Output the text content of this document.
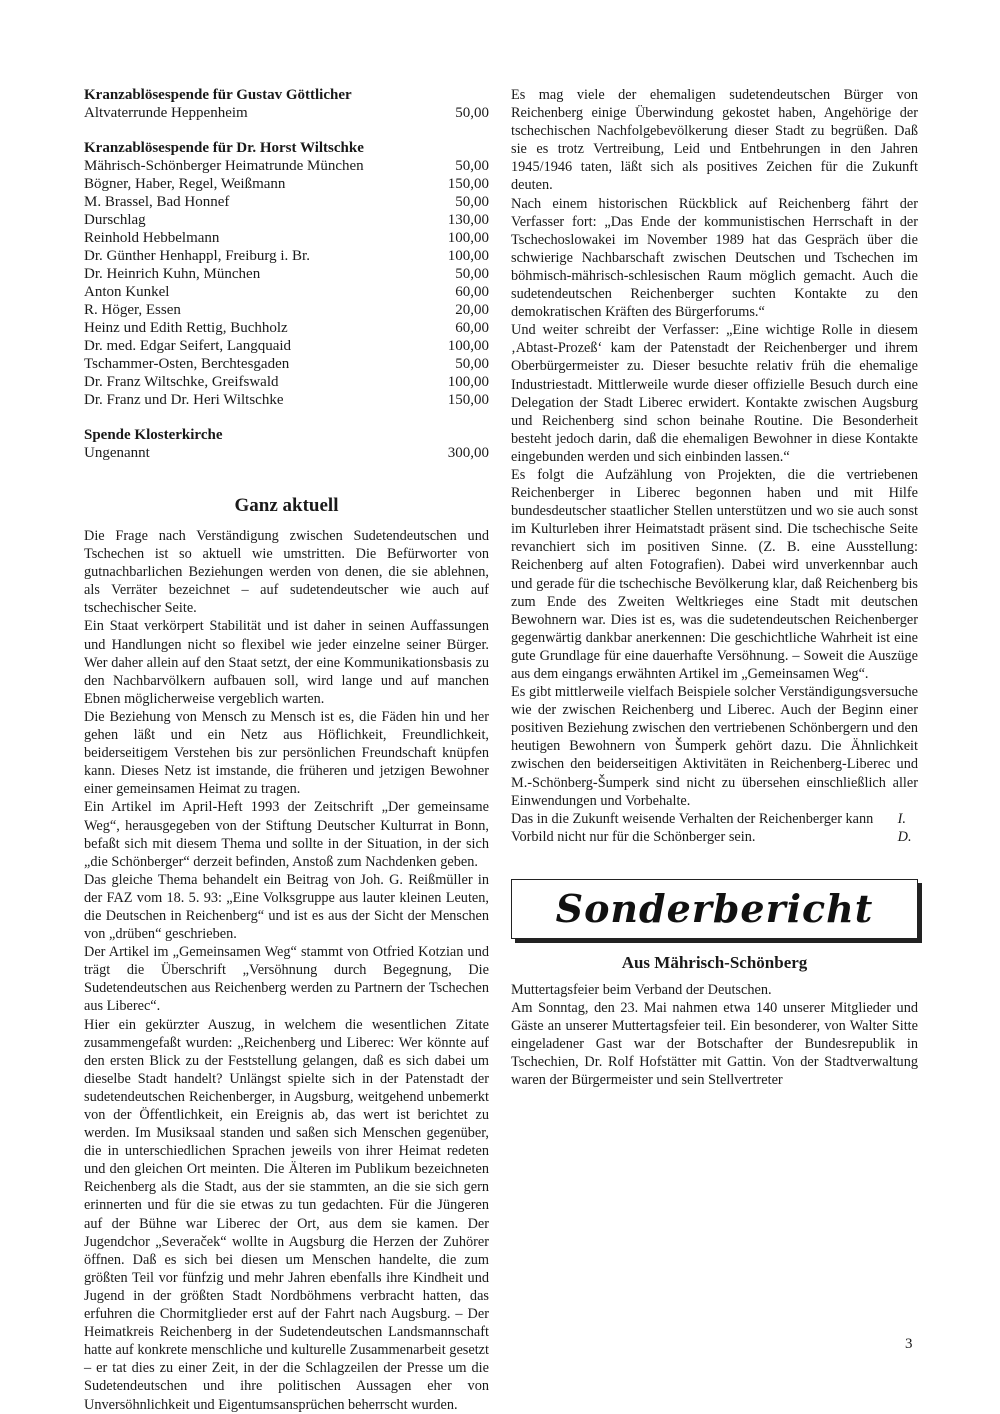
Kranzablösespende für Gustav Göttlicher
Altvaterrunde Heppenheim	50,00
Kranzablösespende für Dr. Horst Wiltschke
Mährisch-Schönberger Heimatrunde München	50,00
Bögner, Haber, Regel, Weißmann	150,00
M. Brassel, Bad Honnef	50,00
Durschlag	130,00
Reinhold Hebbelmann	100,00
Dr. Günther Henhappl, Freiburg i. Br.	100,00
Dr. Heinrich Kuhn, München	50,00
Anton Kunkel	60,00
R. Höger, Essen	20,00
Heinz und Edith Rettig, Buchholz	60,00
Dr. med. Edgar Seifert, Langquaid	100,00
Tschammer-Osten, Berchtesgaden	50,00
Dr. Franz Wiltschke, Greifswald	100,00
Dr. Franz und Dr. Heri Wiltschke	150,00
Spende Klosterkirche
Ungenannt	300,00
Ganz aktuell

Die Frage nach Verständigung zwischen Sudetendeutschen und Tschechen ist so aktuell wie umstritten. Die Befürworter von gutnachbarlichen Beziehungen werden von denen, die sie ablehnen, als Verräter bezeichnet – auf sudetendeutscher wie auch auf tschechischer Seite.

Ein Staat verkörpert Stabilität und ist daher in seinen Auffassungen und Handlungen nicht so flexibel wie jeder einzelne seiner Bürger. Wer daher allein auf den Staat setzt, der eine Kommunikationsbasis zu den Nachbarvölkern aufbauen soll, wird lange und auf manchen Ebnen möglicherweise vergeblich warten.

Die Beziehung von Mensch zu Mensch ist es, die Fäden hin und her gehen läßt und ein Netz aus Höflichkeit, Freundlichkeit, beiderseitigem Verstehen bis zur persönlichen Freundschaft knüpfen kann. Dieses Netz ist imstande, die früheren und jetzigen Bewohner einer gemeinsamen Heimat zu tragen.

Ein Artikel im April-Heft 1993 der Zeitschrift „Der gemeinsame Weg“, herausgegeben von der Stiftung Deutscher Kulturrat in Bonn, befaßt sich mit diesem Thema und sollte in der Situation, in der sich „die Schönberger“ derzeit befinden, Anstoß zum Nachdenken geben.

Das gleiche Thema behandelt ein Beitrag von Joh. G. Reißmüller in der FAZ vom 18. 5. 93: „Eine Volksgruppe aus lauter kleinen Leuten, die Deutschen in Reichenberg“ und ist es aus der Sicht der Menschen von „drüben“ geschrieben.

Der Artikel im „Gemeinsamen Weg“ stammt von Otfried Kotzian und trägt die Überschrift „Versöhnung durch Begegnung, Die Sudetendeutschen aus Reichenberg werden zu Partnern der Tschechen aus Liberec“.

Hier ein gekürzter Auszug, in welchem die wesentlichen Zitate zusammengefaßt wurden: „Reichenberg und Liberec: Wer könnte auf den ersten Blick zu der Feststellung gelangen, daß es sich dabei um dieselbe Stadt handelt? Unlängst spielte sich in der Patenstadt der sudetendeutschen Reichenberger, in Augsburg, weitgehend unbemerkt von der Öffentlichkeit, ein Ereignis ab, das wert ist berichtet zu werden. Im Musiksaal standen und saßen sich Menschen gegenüber, die in unterschiedlichen Sprachen jeweils von ihrer Heimat redeten und den gleichen Ort meinten. Die Älteren im Publikum bezeichneten Reichenberg als die Stadt, aus der sie stammten, an die sie sich gern erinnerten und für die sie etwas zu tun gedachten. Für die Jüngeren auf der Bühne war Liberec der Ort, aus dem sie kamen. Der Jugendchor „Severaček“ wollte in Augsburg die Herzen der Zuhörer öffnen. Daß es sich bei diesen um Menschen handelte, die zum größten Teil vor fünfzig und mehr Jahren ebenfalls ihre Kindheit und Jugend in der größten Stadt Nordböhmens verbracht hatten, das erfuhren die Chormitglieder erst auf der Fahrt nach Augsburg. – Der Heimatkreis Reichenberg in der Sudetendeutschen Landsmannschaft hatte auf konkrete menschliche und kulturelle Zusammenarbeit gesetzt – er tat dies zu einer Zeit, in der die Schlagzeilen der Presse um die Sudetendeutschen und ihre politischen Aussagen eher von Unversöhnlichkeit und Eigentumsansprüchen beherrscht wurden.

Es mag viele der ehemaligen sudetendeutschen Bürger von Reichenberg einige Überwindung gekostet haben, Angehörige der tschechischen Nachfolgebevölkerung dieser Stadt zu begrüßen. Daß sie es trotz Vertreibung, Leid und Entbehrungen in den Jahren 1945/1946 taten, läßt sich als positives Zeichen für die Zukunft deuten.

Nach einem historischen Rückblick auf Reichenberg fährt der Verfasser fort: „Das Ende der kommunistischen Herrschaft in der Tschechoslowakei im November 1989 hat das Gespräch über die schwierige Nachbarschaft zwischen Deutschen und Tschechen im böhmisch-mährisch-schlesischen Raum möglich gemacht. Auch die sudetendeutschen Reichenberger suchten Kontakte zu den demokratischen Kräften des Bürgerforums.“

Und weiter schreibt der Verfasser: „Eine wichtige Rolle in diesem ‚Abtast-Prozeß‘ kam der Patenstadt der Reichenberger und ihrem Oberbürgermeister zu. Dieser besuchte relativ früh die ehemalige Industriestadt. Mittlerweile wurde dieser offizielle Besuch durch eine Delegation der Stadt Liberec erwidert. Kontakte zwischen Augsburg und Reichenberg sind schon beinahe Routine. Die Besonderheit besteht jedoch darin, daß die ehemaligen Bewohner in diese Kontakte eingebunden werden und sich einbinden lassen.“

Es folgt die Aufzählung von Projekten, die die vertriebenen Reichenberger in Liberec begonnen haben und mit Hilfe bundesdeutscher staatlicher Stellen unterstützen und wo sie auch sonst im Kulturleben ihrer Heimatstadt präsent sind. Die tschechische Seite revanchiert sich im positiven Sinne. (Z. B. eine Ausstellung: Reichenberg auf alten Fotografien). Dabei wird unverkennbar auch und gerade für die tschechische Bevölkerung klar, daß Reichenberg bis zum Ende des Zweiten Weltkrieges eine Stadt mit deutschen Bewohnern war. Dies ist es, was die sudetendeutschen Reichenberger gegenwärtig dankbar anerkennen: Die geschichtliche Wahrheit ist eine gute Grundlage für eine dauerhafte Versöhnung. – Soweit die Auszüge aus dem eingangs erwähnten Artikel im „Gemeinsamen Weg“.

Es gibt mittlerweile vielfach Beispiele solcher Verständigungsversuche wie der zwischen Reichenberg und Liberec. Auch der Beginn einer positiven Beziehung zwischen den vertriebenen Schönbergern und den heutigen Bewohnern von Šumperk gehört dazu. Die Ähnlichkeit zwischen den beiderseitigen Aktivitäten in Reichenberg-Liberec und M.-Schönberg-Šumperk sind nicht zu übersehen einschließlich aller Einwendungen und Vorbehalte.

Das in die Zukunft weisende Verhalten der Reichenberger kann Vorbild nicht nur für die Schönberger sein.
I. D.
Sonderbericht
Aus Mährisch-Schönberg

Muttertagsfeier beim Verband der Deutschen.

Am Sonntag, den 23. Mai nahmen etwa 140 unserer Mitglieder und Gäste an unserer Muttertagsfeier teil. Ein besonderer, von Walter Sitte eingeladener Gast war der Botschafter der Bundesrepublik in Tschechien, Dr. Rolf Hofstätter mit Gattin. Von der Stadtverwaltung waren der Bürgermeister und sein Stellvertreter

3
